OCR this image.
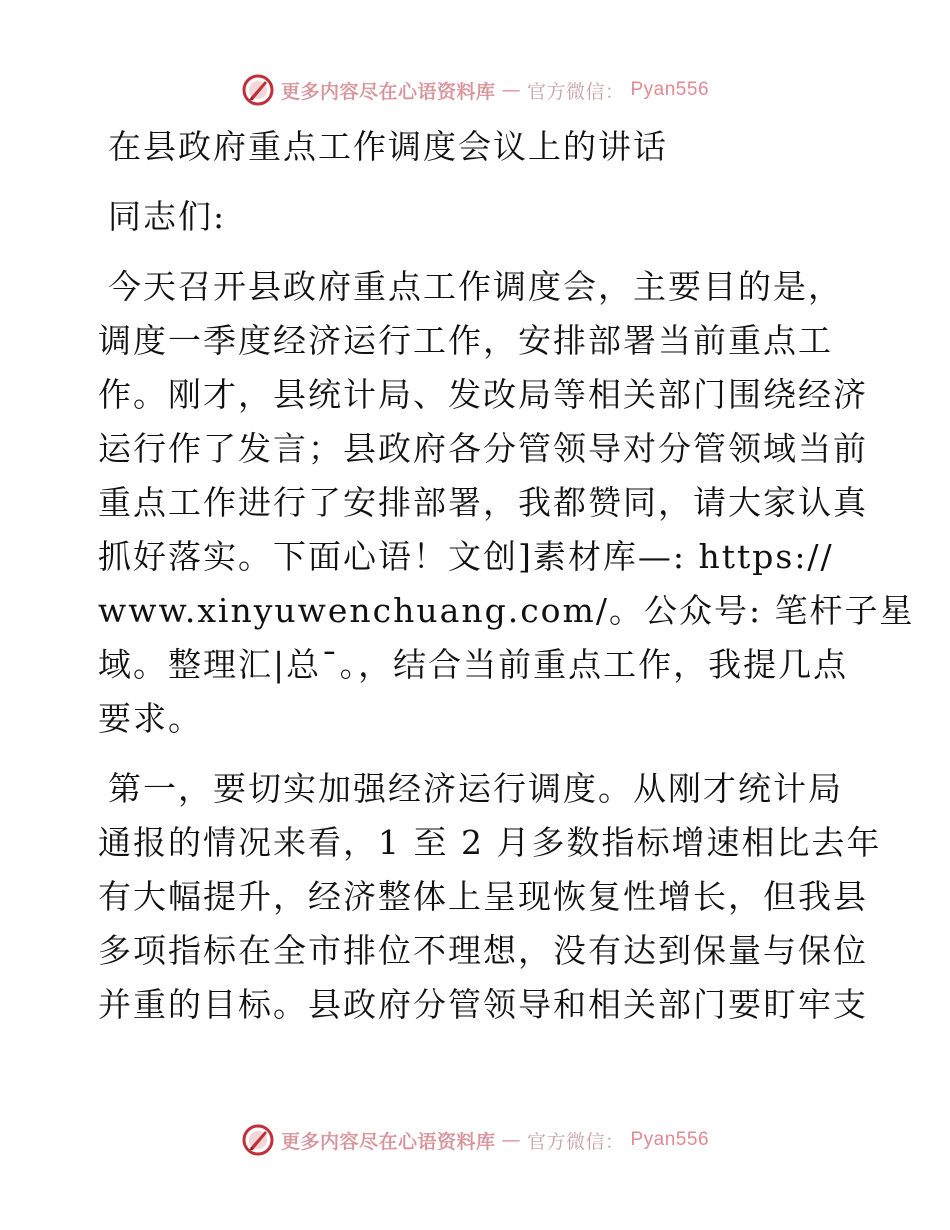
更多内容尽在心语资料库 — 官方微信： Pyan556

在县政府重点工作调度会议上的讲话

同志们:

今天召开县政府重点工作调度会，主要目的是，

调度一季度经济运行工作，安排部署当前重点工

作。刚才，县统计局、发改局等相关部门围绕经济

运行作了发言；县政府各分管领导对分管领域当前

重点工作进行了安排部署，我都赞同，请大家认真

抓好落实。下面心语！文创]素材库—: https://

www.xinyuwenchuang.com/。公众号: 笔杆子星

域。整理汇|总¯。，结合当前重点工作，我提几点

要求。

第一，要切实加强经济运行调度。从刚才统计局

通报的情况来看，1 至 2 月多数指标增速相比去年

有大幅提升，经济整体上呈现恢复性增长，但我县

多项指标在全市排位不理想，没有达到保量与保位

并重的目标。县政府分管领导和相关部门要盯牢支

更多内容尽在心语资料库 — 官方微信： Pyan556
